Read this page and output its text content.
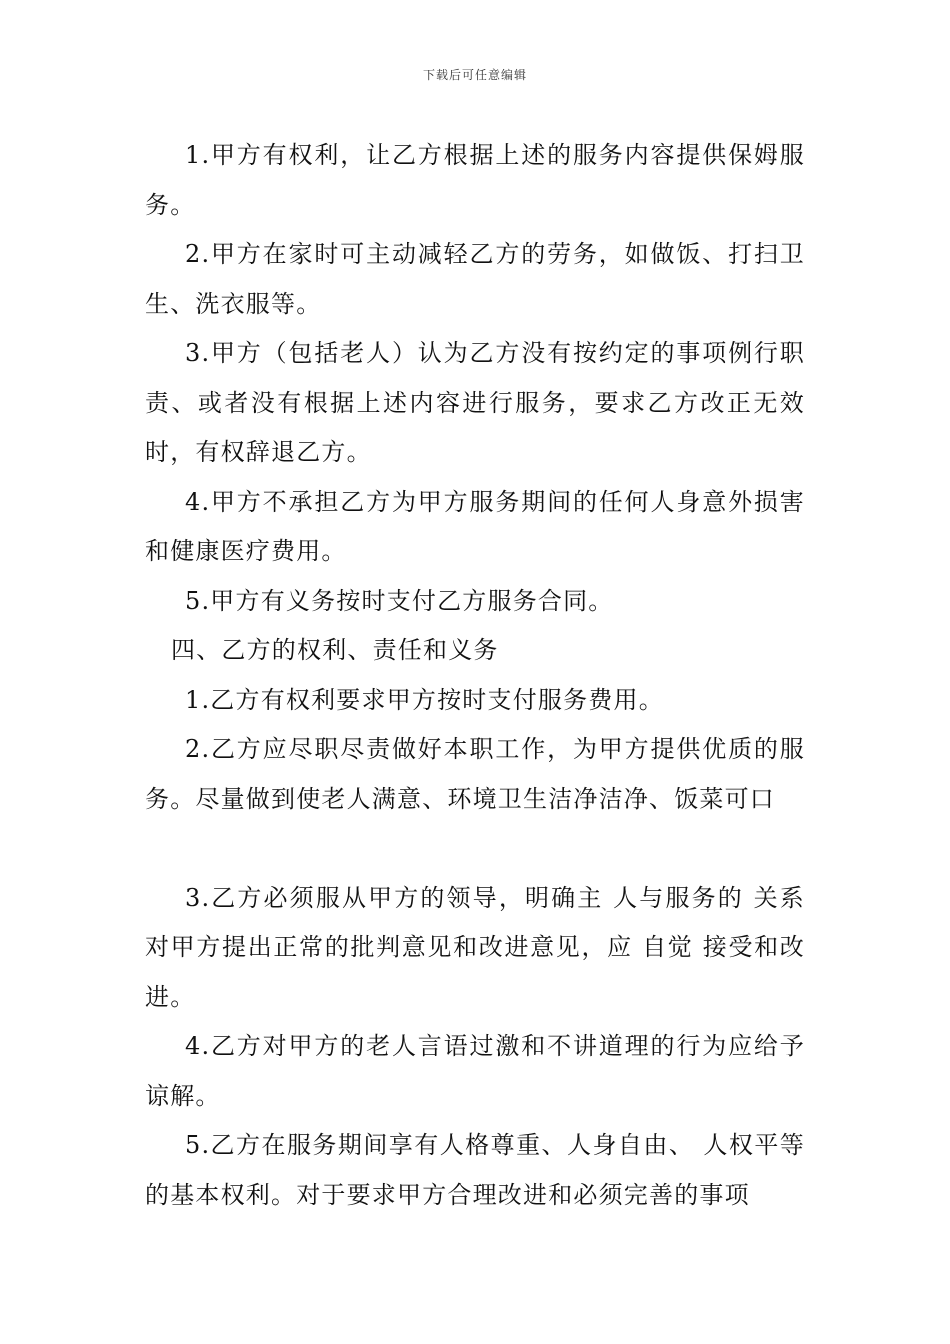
下载后可任意编辑

1.甲方有权利，让乙方根据上述的服务内容提供保姆服务。

2.甲方在家时可主动减轻乙方的劳务，如做饭、打扫卫生、洗衣服等。

3.甲方（包括老人）认为乙方没有按约定的事项例行职责、或者没有根据上述内容进行服务，要求乙方改正无效时，有权辞退乙方。

4.甲方不承担乙方为甲方服务期间的任何人身意外损害和健康医疗费用。

5.甲方有义务按时支付乙方服务合同。

四、乙方的权利、责任和义务

1.乙方有权利要求甲方按时支付服务费用。

2.乙方应尽职尽责做好本职工作，为甲方提供优质的服务。尽量做到使老人满意、环境卫生洁净洁净、饭菜可口

3.乙方必须服从甲方的领导，明确主 人与服务的 关系对甲方提出正常的批判意见和改进意见，应 自觉 接受和改进。

4.乙方对甲方的老人言语过激和不讲道理的行为应给予谅解。

5.乙方在服务期间享有人格尊重、人身自由、 人权平等的基本权利。对于要求甲方合理改进和必须完善的事项
